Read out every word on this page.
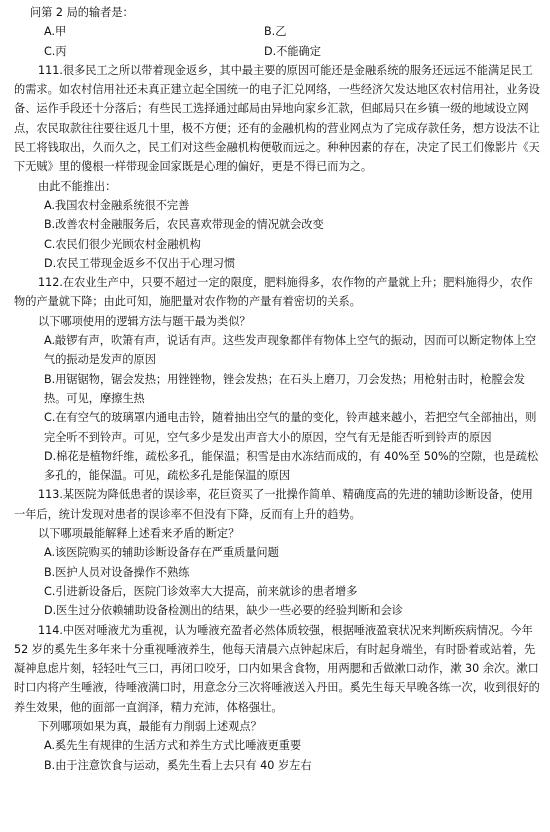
问第 2 局的输者是：

A.甲	B.乙
C.丙	D.不能确定

111.很多民工之所以带着现金返乡，其中最主要的原因可能还是金融系统的服务还远远不能满足民工的需求。如农村信用社还未真正建立起全国统一的电子汇兑网络，一些经济欠发达地区农村信用社，业务设备、运作手段还十分落后；有些民工选择通过邮局由异地向家乡汇款，但邮局只在乡镇一级的地域设立网点，农民取款往往要往返几十里，极不方便；还有的金融机构的营业网点为了完成存款任务，想方设法不让民工将钱取出，久而久之，民工们对这些金融机构便敬而远之。种种因素的存在，决定了民工们像影片《天下无贼》里的傻根一样带现金回家既是心理的偏好，更是不得已而为之。

由此不能推出：

A.我国农村金融系统很不完善

B.改善农村金融服务后，农民喜欢带现金的情况就会改变

C.农民们很少光顾农村金融机构

D.农民工带现金返乡不仅出于心理习惯

112.在农业生产中，只要不超过一定的限度，肥料施得多，农作物的产量就上升；肥料施得少，农作物的产量就下降；由此可知，施肥量对农作物的产量有着密切的关系。

以下哪项使用的逻辑方法与题干最为类似？

A.敲锣有声，吹箫有声，说话有声。这些发声现象都伴有物体上空气的振动，因而可以断定物体上空气的振动是发声的原因

B.用锯锯物，锯会发热；用锉锉物，锉会发热；在石头上磨刀，刀会发热；用枪射击时，枪膛会发热。可见，摩擦生热

C.在有空气的玻璃罩内通电击铃，随着抽出空气的量的变化，铃声越来越小，若把空气全部抽出，则完全听不到铃声。可见，空气多少是发出声音大小的原因，空气有无是能否听到铃声的原因

D.棉花是植物纤维，疏松多孔，能保温；积雪是由水冻结而成的，有 40%至 50%的空隙，也是疏松多孔的，能保温。可见，疏松多孔是能保温的原因

113.某医院为降低患者的误诊率，花巨资买了一批操作简单、精确度高的先进的辅助诊断设备，使用一年后，统计发现对患者的误诊率不但没有下降，反而有上升的趋势。

以下哪项最能解释上述看来矛盾的断定？

A.该医院购买的辅助诊断设备存在严重质量问题

B.医护人员对设备操作不熟练

C.引进新设备后，医院门诊效率大大提高，前来就诊的患者增多

D.医生过分依赖辅助设备检测出的结果，缺少一些必要的经验判断和会诊

114.中医对唾液尤为重视，认为唾液充盈者必然体质较强，根据唾液盈衰状况来判断疾病情况。今年 52 岁的奚先生多年来十分重视唾液养生，他每天清晨六点钟起床后，有时起身端坐，有时卧着或站着，先凝神息虑片刻，轻轻吐气三口，再闭口咬牙，口内如果含食物，用两腮和舌做漱口动作，漱 30 余次。漱口时口内将产生唾液，待唾液满口时，用意念分三次将唾液送入丹田。奚先生每天早晚各练一次，收到很好的养生效果，他的面部一直润泽，精力充沛，体格强壮。

下列哪项如果为真，最能有力削弱上述观点？

A.奚先生有规律的生活方式和养生方式比唾液更重要

B.由于注意饮食与运动，奚先生看上去只有 40 岁左右
